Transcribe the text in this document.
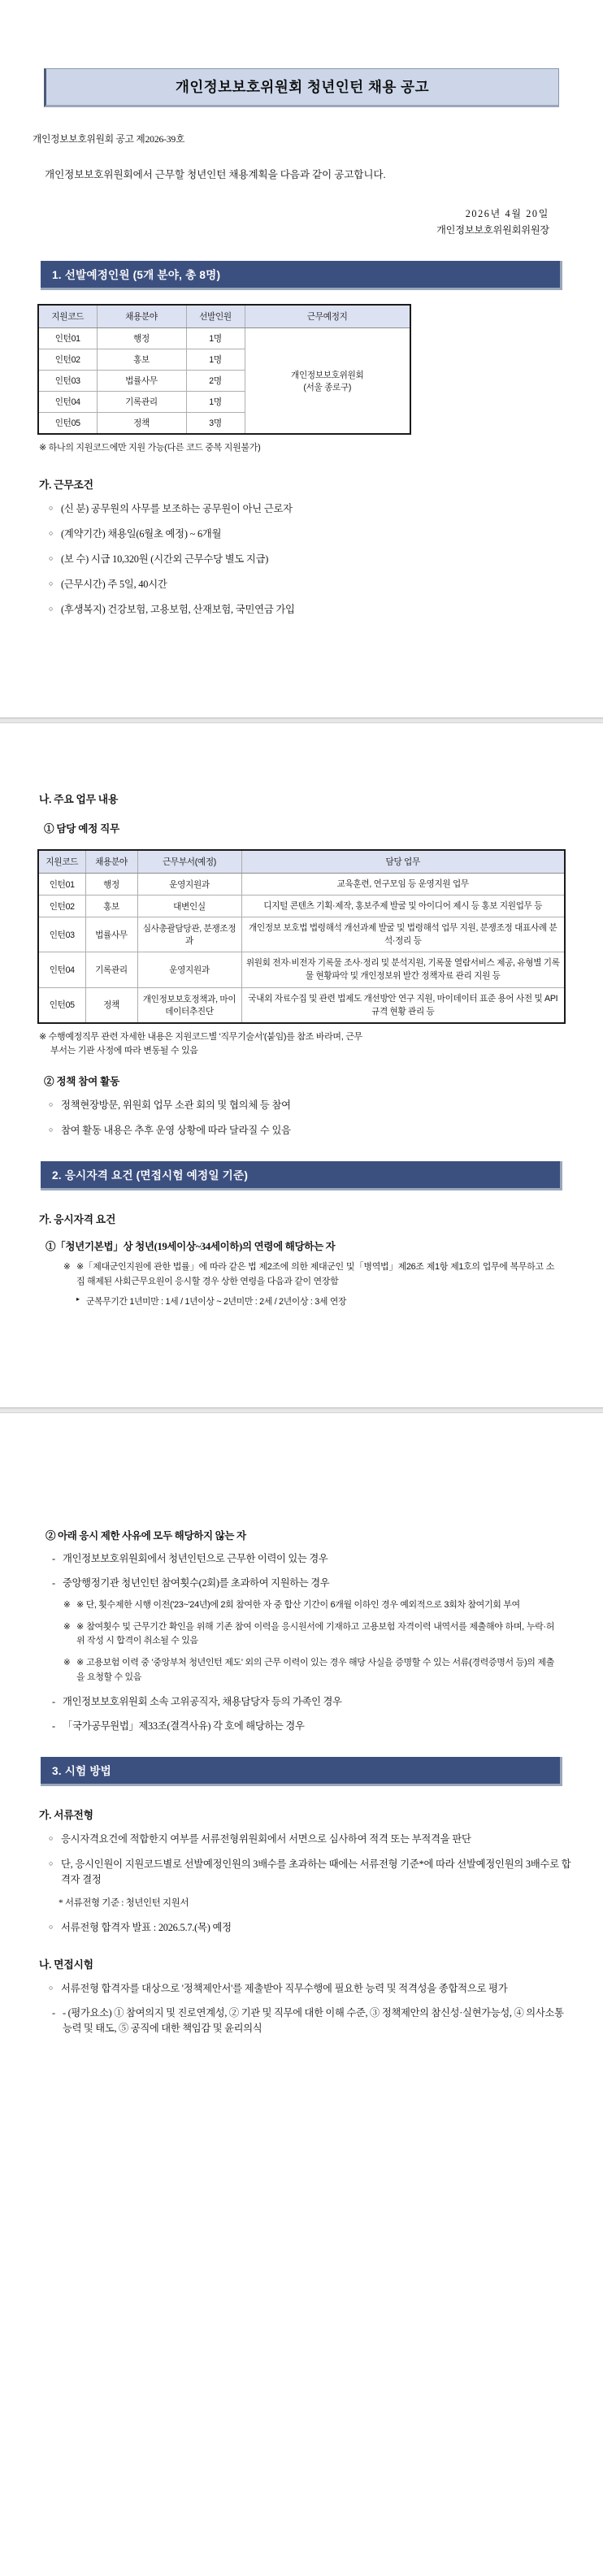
개인정보보호위원회 청년인턴 채용 공고
개인정보보호위원회 공고 제2026-39호

개인정보보호위원회에서 근무할 청년인턴 채용계획을 다음과 같이 공고합니다.

2026년 4월 20일
개인정보보호위원회위원장
1. 선발예정인원 (5개 분야, 총 8명)
지원코드	채용분야	선발인원	근무예정지
인턴01	행정	1명	개인정보보호위원회
(서울 종로구)
인턴02	홍보	1명	
인턴03	법률사무	2명	
인턴04	기록관리	1명	
인턴05	정책	3명	
※ 하나의 지원코드에만 지원 가능(다른 코드 중복 지원불가)
가. 근무조건
○ (신 분) 공무원의 사무를 보조하는 공무원이 아닌 근로자
○ (계약기간) 채용일(6월초 예정) ~ 6개월
○ (보 수) 시급 10,320원 (시간외 근무수당 별도 지급)
○ (근무시간) 주 5일, 40시간
○ (후생복지) 건강보험, 고용보험, 산재보험, 국민연금 가입
나. 주요 업무 내용
① 담당 예정 직무
지원코드	채용분야	근무부서(예정)	담당 업무
인턴01	행정	운영지원과	교육훈련, 연구모임 등 운영지원 업무
인턴02	홍보	대변인실	디지털 콘텐츠 기획·제작, 홍보주제 발굴 및 아이디어 제시 등 홍보 지원업무 등
인턴03	법률사무	심사총괄담당관, 분쟁조정과	개인정보 보호법 법령해석 개선과제 발굴 및 법령해석 업무 지원, 분쟁조정 대표사례 분석·정리 등
인턴04	기록관리	운영지원과	위원회 전자·비전자 기록물 조사·정리 및 분석지원, 기록물 열람서비스 제공, 유형별 기록물 현황파악 및 개인정보위 발간 정책자료 관리 지원 등
인턴05	정책	개인정보보호정책과, 마이데이터추진단	국내외 자료수집 및 관련 법제도 개선방안 연구 지원, 마이데이터 표준 용어 사전 및 API 규격 현황 관리 등
※ 수행예정직무 관련 자세한 내용은 지원코드별 '직무기술서'(붙임)를 참조 바라며, 근무
부서는 기관 사정에 따라 변동될 수 있음
② 정책 참여 활동
○ 정책현장방문, 위원회 업무 소관 회의 및 협의체 등 참여
○ 참여 활동 내용은 추후 운영 상황에 따라 달라질 수 있음
2. 응시자격 요건 (면접시험 예정일 기준)
가. 응시자격 요건
①「청년기본법」상 청년(19세이상~34세이하)의 연령에 해당하는 자
※ ※「제대군인지원에 관한 법률」에 따라 같은 법 제2조에 의한 제대군인 및「병역법」제26조 제1항 제1호의 업무에 복무하고 소집 해제된 사회근무요원이 응시할 경우 상한 연령을 다음과 같이 연장함
▸ 군복무기간 1년미만 : 1세 / 1년이상 ~ 2년미만 : 2세 / 2년이상 : 3세 연장
② 아래 응시 제한 사유에 모두 해당하지 않는 자
- 개인정보보호위원회에서 청년인턴으로 근무한 이력이 있는 경우
- 중앙행정기관 청년인턴 참여횟수(2회)를 초과하여 지원하는 경우
※ ※ 단, 횟수제한 시행 이전('23~'24년)에 2회 참여한 자 중 합산 기간이 6개월 이하인 경우 예외적으로 3회차 참여기회 부여
※ ※ 참여횟수 및 근무기간 확인을 위해 기존 참여 이력을 응시원서에 기재하고 고용보험 자격이력 내역서를 제출해야 하며, 누락·허위 작성 시 합격이 취소될 수 있음
※ ※ 고용보험 이력 중 '중앙부처 청년인턴 제도' 외의 근무 이력이 있는 경우 해당 사실을 증명할 수 있는 서류(경력증명서 등)의 제출을 요청할 수 있음
- 개인정보보호위원회 소속 고위공직자, 채용담당자 등의 가족인 경우
- 「국가공무원법」제33조(결격사유) 각 호에 해당하는 경우
3. 시험 방법
가. 서류전형
○ 응시자격요건에 적합한지 여부를 서류전형위원회에서 서면으로 심사하여 적격 또는 부적격을 판단
○ 단, 응시인원이 지원코드별로 선발예정인원의 3배수를 초과하는 때에는 서류전형 기준*에 따라 선발예정인원의 3배수로 합격자 결정
* 서류전형 기준 : 청년인턴 지원서
○ 서류전형 합격자 발표 : 2026.5.7.(목) 예정
나. 면접시험
○ 서류전형 합격자를 대상으로 '정책제안서'를 제출받아 직무수행에 필요한 능력 및 적격성을 종합적으로 평가
- - (평가요소) ① 참여의지 및 진로연계성, ② 기관 및 직무에 대한 이해 수준, ③ 정책제안의 참신성·실현가능성, ④ 의사소통 능력 및 태도, ⑤ 공직에 대한 책임감 및 윤리의식
